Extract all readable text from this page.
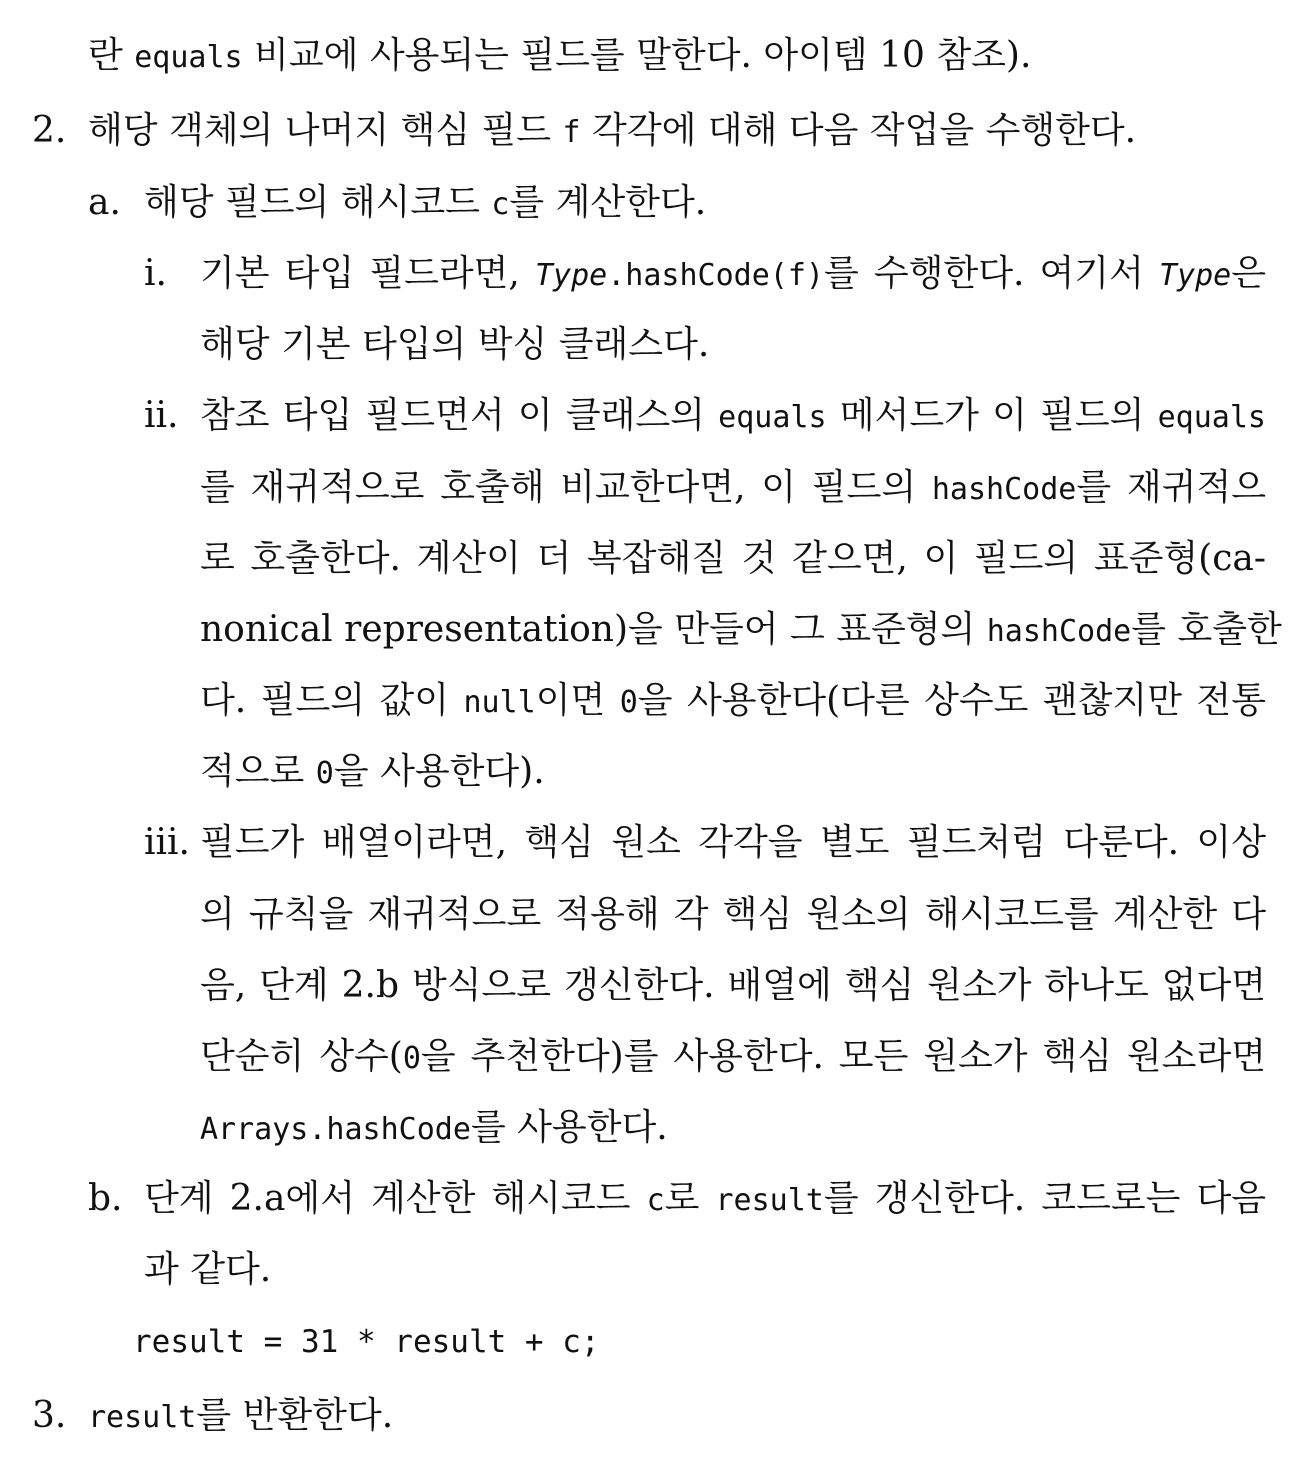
란 equals 비교에 사용되는 필드를 말한다. 아이템 10 참조).
2. 해당 객체의 나머지 핵심 필드 f 각각에 대해 다음 작업을 수행한다.
a. 해당 필드의 해시코드 c를 계산한다.
i. 기본 타입 필드라면, Type.hashCode(f)를 수행한다. 여기서 Type은
해당 기본 타입의 박싱 클래스다.
ii. 참조 타입 필드면서 이 클래스의 equals 메서드가 이 필드의 equals
를 재귀적으로 호출해 비교한다면, 이 필드의 hashCode를 재귀적으
로 호출한다. 계산이 더 복잡해질 것 같으면, 이 필드의 표준형(ca-
nonical representation)을 만들어 그 표준형의 hashCode를 호출한
다. 필드의 값이 null이면 0을 사용한다(다른 상수도 괜찮지만 전통
적으로 0을 사용한다).
iii. 필드가 배열이라면, 핵심 원소 각각을 별도 필드처럼 다룬다. 이상
의 규칙을 재귀적으로 적용해 각 핵심 원소의 해시코드를 계산한 다
음, 단계 2.b 방식으로 갱신한다. 배열에 핵심 원소가 하나도 없다면
단순히 상수(0을 추천한다)를 사용한다. 모든 원소가 핵심 원소라면
Arrays.hashCode를 사용한다.
b. 단계 2.a에서 계산한 해시코드 c로 result를 갱신한다. 코드로는 다음
과 같다.
result = 31 * result + c;
3. result를 반환한다.
